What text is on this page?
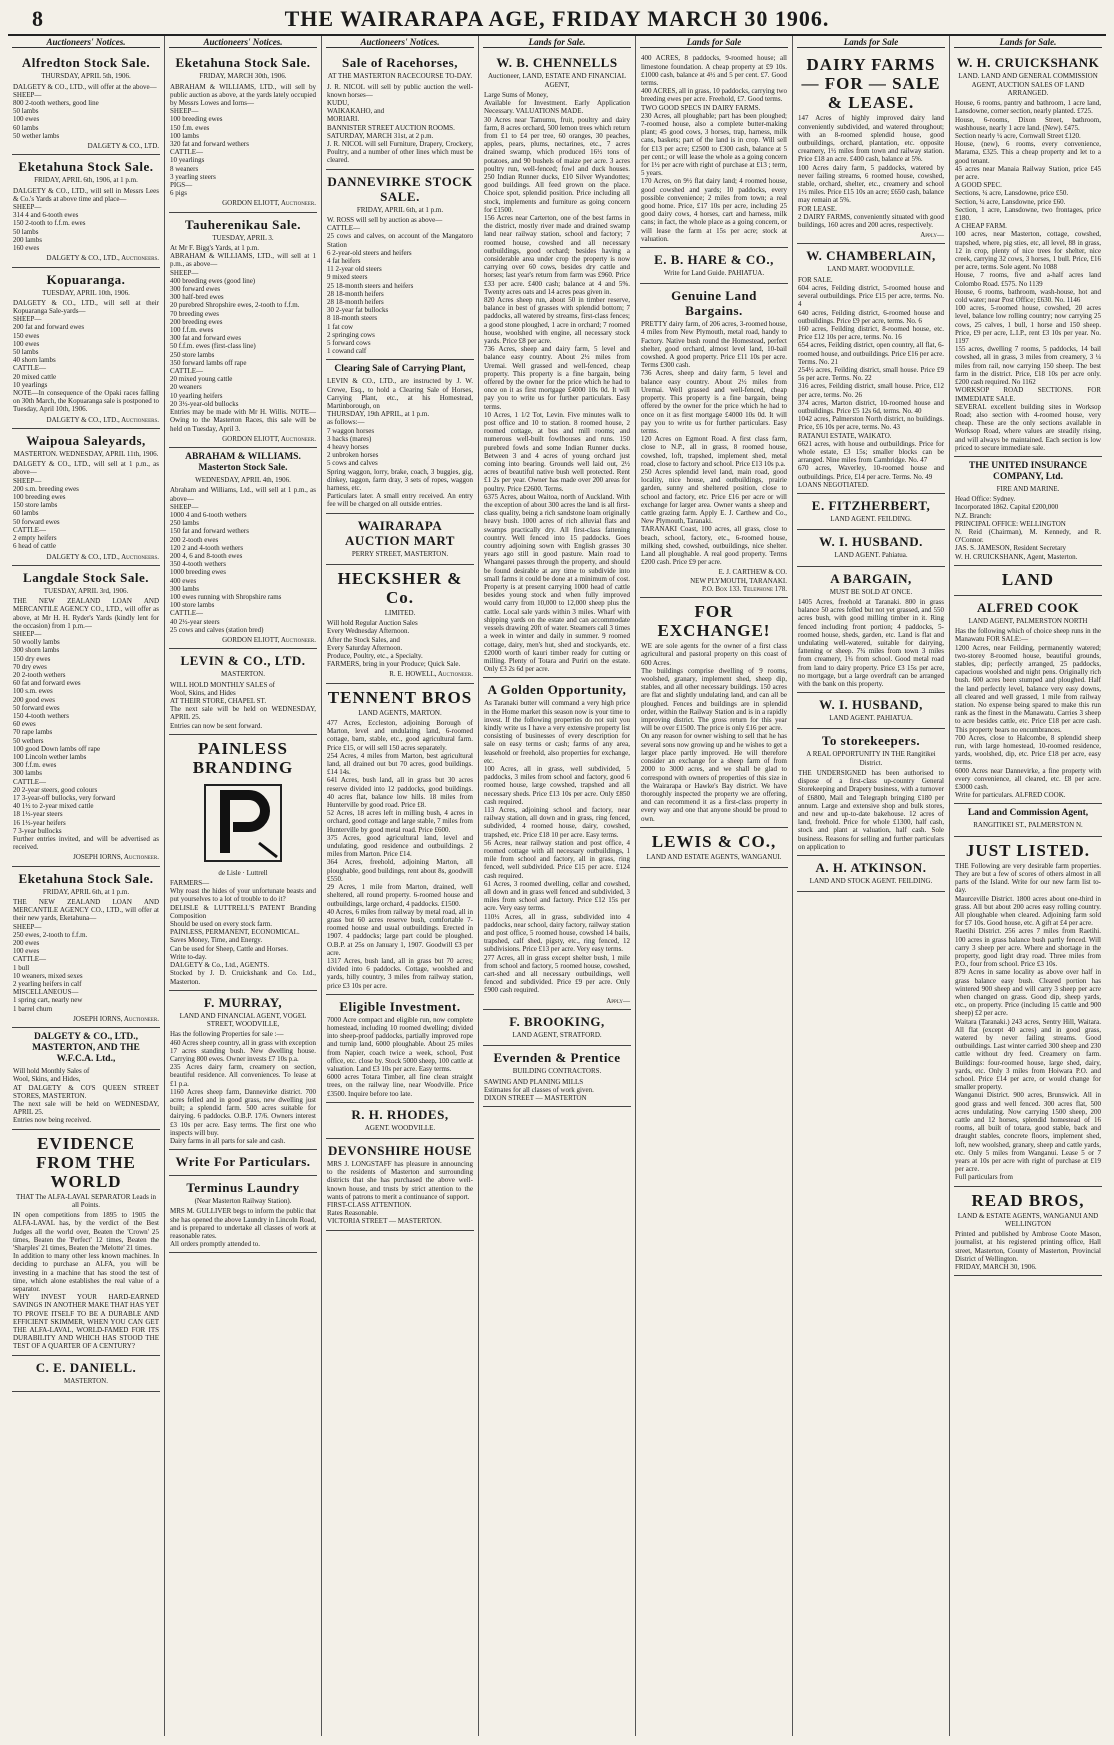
8	THE WAIRARAPA AGE, FRIDAY MARCH 30 1906.
Auctioneers' Notices.
Alfredton Stock Sale.
THURSDAY, APRIL 5th, 1906.
DALGETY & CO., LTD., will offer at the above—
SHEEP—
800 2-tooth wethers, good line
50 lambs
100 ewes
60 lambs
50 wether lambs
DALGETY & CO., LTD.
Eketahuna Stock Sale.
FRIDAY, APRIL 6th, 1906, at 1 p.m.
DALGETY & CO., LTD., will sell in Messrs Lees & Co.'s Yards at above time and place—
SHEEP—
314 4 and 6-tooth ewes
150 2-tooth to f.f.m. ewes
50 lambs
200 lambs
160 ewes
DALGETY & CO., LTD., Auctioneers.
Kopuaranga.
TUESDAY, APRIL 10th, 1906.
DALGETY & CO., LTD., will sell at their Kopuaranga Sale-yards—
SHEEP—
200 fat and forward ewes
150 ewes
100 ewes
50 lambs
40 shorn lambs
CATTLE—
20 mixed cattle
10 yearlings
NOTE—In consequence of the Opaki races falling on 30th March, the Kopuaranga sale is postponed to Tuesday, April 10th, 1906.
DALGETY & CO., LTD., Auctioneers.
Waipoua Saleyards,
MASTERTON. WEDNESDAY, APRIL 11th, 1906.
DALGETY & CO., LTD., will sell at 1 p.m., as above—
SHEEP—
200 s.m. breeding ewes
100 breeding ewes
150 store lambs
60 lambs
50 forward ewes
CATTLE—
2 empty heifers
6 head of cattle
DALGETY & CO., LTD., Auctioneers.
Langdale Stock Sale.
TUESDAY, APRIL 3rd, 1906.
THE NEW ZEALAND LOAN AND MERCANTILE AGENCY CO., LTD., will offer as above, at Mr H. H. Ryder's Yards (kindly lent for the occasion) from 1 p.m.—
SHEEP—
50 woolly lambs
300 shorn lambs
150 dry ewes
70 dry ewes
20 2-tooth wethers
60 fat and forward ewes
100 s.m. ewes
200 good ewes
50 forward ewes
150 4-tooth wethers
60 ewes
70 rape lambs
50 wethers
100 good Down lambs off rape
100 Lincoln wether lambs
300 f.f.m. ewes
300 lambs
CATTLE—
20 2-year steers, good colours
17 3-year-off bullocks, very forward
40 1½ to 2-year mixed cattle
18 1½-year steers
16 1½-year heifers
7 3-year bullocks
Further entries invited, and will be advertised as received.
JOSEPH IORNS, Auctioneer.
Eketahuna Stock Sale.
FRIDAY, APRIL 6th, at 1 p.m.
THE NEW ZEALAND LOAN AND MERCANTILE AGENCY CO., LTD., will offer at their new yards, Eketahuna—
SHEEP—
250 ewes, 2-tooth to f.f.m.
200 ewes
100 ewes
CATTLE—
1 bull
10 weaners, mixed sexes
2 yearling heifers in calf
MISCELLANEOUS—
1 spring cart, nearly new
1 barrel churn
JOSEPH IORNS, Auctioneer.
DALGETY & CO., LTD., MASTERTON, AND THE W.F.C.A. Ltd.,
Will hold Monthly Sales of
Wool, Skins, and Hides,
AT DALGETY & CO'S QUEEN STREET STORES, MASTERTON.
The next sale will be held on WEDNESDAY, APRIL 25.
Entries now being received.
EVIDENCE FROM THE WORLD
THAT The ALFA-LAVAL SEPARATOR Leads in all Points.
IN open competitions from 1895 to 1905 the ALFA-LAVAL has, by the verdict of the Best Judges all the world over, Beaten the 'Crown' 25 times, Beaten the 'Perfect' 12 times, Beaten the 'Sharples' 21 times, Beaten the 'Melotte' 21 times.
In addition to many other less known machines. In deciding to purchase an ALFA, you will be investing in a machine that has stood the test of time, which alone establishes the real value of a separator.
WHY INVEST YOUR HARD-EARNED SAVINGS IN ANOTHER MAKE THAT HAS YET TO PROVE ITSELF TO BE A DURABLE AND EFFICIENT SKIMMER, WHEN YOU CAN GET THE ALFA-LAVAL, WORLD-FAMED FOR ITS DURABILITY AND WHICH HAS STOOD THE TEST OF A QUARTER OF A CENTURY?
C. E. DANIELL.
MASTERTON.
Auctioneers' Notices.
Eketahuna Stock Sale.
FRIDAY, MARCH 30th, 1906.
ABRAHAM & WILLIAMS, LTD., will sell by public auction as above, at the yards lately occupied by Messrs Lowes and Iorns—
SHEEP—
100 breeding ewes
150 f.m. ewes
100 lambs
320 fat and forward wethers
CATTLE—
10 yearlings
8 weaners
3 yearling steers
PIGS—
6 pigs
GORDON ELIOTT, Auctioneer.
Tauherenikau Sale.
TUESDAY, APRIL 3.
At Mr F. Bigg's Yards, at 1 p.m.
ABRAHAM & WILLIAMS, LTD., will sell at 1 p.m., as above—
SHEEP—
400 breeding ewes (good line)
300 forward ewes
300 half-bred ewes
20 purebred Shropshire ewes, 2-tooth to f.f.m.
70 breeding ewes
200 breeding ewes
100 f.f.m. ewes
300 fat and forward ewes
50 f.f.m. ewes (first-class line)
250 store lambs
350 forward lambs off rape
CATTLE—
20 mixed young cattle
20 weaners
10 yearling heifers
20 3½-year-old bullocks
Entries may be made with Mr H. Willis. NOTE—Owing to the Masterton Races, this sale will be held on Tuesday, April 3.
GORDON ELIOTT, Auctioneer.
ABRAHAM & WILLIAMS. Masterton Stock Sale.
WEDNESDAY, APRIL 4th, 1906.
Abraham and Williams, Ltd., will sell at 1 p.m., as above—
SHEEP—
1000 4 and 6-tooth wethers
250 lambs
150 fat and forward wethers
200 2-tooth ewes
120 2 and 4-tooth wethers
200 4, 6 and 8-tooth ewes
350 4-tooth wethers
1000 breeding ewes
400 ewes
300 lambs
100 ewes running with Shropshire rams
100 store lambs
CATTLE—
40 2½-year steers
25 cows and calves (station bred)
GORDON ELIOTT, Auctioneer.
LEVIN & CO., LTD.
MASTERTON.
WILL HOLD MONTHLY SALES of
Wool, Skins, and Hides
AT THEIR STORE, CHAPEL ST.
The next sale will be held on WEDNESDAY, APRIL 25.
Entries can now be sent forward.
PAINLESS BRANDING
de Lisle · Luttrell
FARMERS—
Why roast the hides of your unfortunate beasts and put yourselves to a lot of trouble to do it?
DELISLE & LUTTRELL'S PATENT Branding Composition
Should be used on every stock farm.
PAINLESS, PERMANENT, ECONOMICAL.
Saves Money, Time, and Energy.
Can be used for Sheep, Cattle and Horses.
Write to-day.
DALGETY & Co., Ltd., AGENTS.
Stocked by J. D. Cruickshank and Co. Ltd., Masterton.
F. MURRAY,
LAND AND FINANCIAL AGENT, VOGEL STREET, WOODVILLE,
Has the following Properties for sale :—
460 Acres sheep country, all in grass with exception 17 acres standing bush. New dwelling house. Carrying 800 ewes. Owner invests £7 10s p.a.
235 Acres dairy farm, creamery on section, beautiful residence. All conveniences. To lease at £1 p.a.
1160 Acres sheep farm, Dannevirke district. 700 acres felled and in good grass, new dwelling just built; a splendid farm. 500 acres suitable for dairying. 6 paddocks. O.B.P. 17/6. Owners interest £3 10s per acre. Easy terms. The first one who inspects will buy.
Dairy farms in all parts for sale and cash.
Write For Particulars.
Terminus Laundry
(Near Masterton Railway Station).
MRS M. GULLIVER begs to inform the public that she has opened the above Laundry in Lincoln Road, and is prepared to undertake all classes of work at reasonable rates.
All orders promptly attended to.
Auctioneers' Notices.
Sale of Racehorses,
AT THE MASTERTON RACECOURSE TO-DAY.
J. R. NICOL will sell by public auction the well-known horses—
KUDU,
WAIKAKAHO, and
MORIARI.
BANNISTER STREET AUCTION ROOMS.
SATURDAY, MARCH 31st, at 2 p.m.
J. R. NICOL will sell Furniture, Drapery, Crockery, Poultry, and a number of other lines which must be cleared.
DANNEVIRKE STOCK SALE.
FRIDAY, APRIL 6th, at 1 p.m.
W. ROSS will sell by auction as above—
CATTLE—
25 cows and calves, on account of the Mangatoro Station
6 2-year-old steers and heifers
4 fat heifers
11 2-year old steers
9 mixed steers
25 18-month steers and heifers
28 18-month heifers
28 18-month heifers
30 2-year fat bullocks
8 18-month steers
1 fat cow
2 springing cows
5 forward cows
1 cowand calf
Clearing Sale of Carrying Plant,
LEVIN & CO., LTD., are instructed by J. W. Crewe, Esq., to hold a Clearing Sale of Horses, Carrying Plant, etc., at his Homestead, Martinborough, on
THURSDAY, 19th APRIL, at 1 p.m.
as follows:—
7 waggon horses
3 hacks (mares)
4 heavy horses
2 unbroken horses
5 cows and calves
Spring waggon, lorry, brake, coach, 3 buggies, gig, dinkey, taggon, farm dray, 3 sets of ropes, waggon harness, etc.
Particulars later. A small entry received. An entry fee will be charged on all outside entries.
WAIRARAPA AUCTION MART
PERRY STREET, MASTERTON.
HECKSHER & Co.
LIMITED.
Will hold Regular Auction Sales
Every Wednesday Afternoon.
After the Stock Sales, and
Every Saturday Afternoon.
Produce, Poultry, etc., a Specialty.
FARMERS, bring in your Produce; Quick Sale.
R. E. HOWELL, Auctioneer.
TENNENT BROS
LAND AGENTS, MARTON.
477 Acres, Eccleston, adjoining Borough of Marton, level and undulating land, 6-roomed cottage, barn, stable, etc., good agricultural farm. Price £15, or will sell 150 acres separately.
254 Acres, 4 miles from Marton, best agricultural land, all drained out but 70 acres, good buildings. £14 14s.
641 Acres, bush land, all in grass but 30 acres reserve divided into 12 paddocks, good buildings. 40 acres flat, balance low hills. 18 miles from Hunterville by good road. Price £8.
52 Acres, 18 acres left in milling bush, 4 acres in orchard, good cottage and large stable, 7 miles from Hunterville by good metal road. Price £600.
375 Acres, good agricultural land, level and undulating, good residence and outbuildings. 2 miles from Marton. Price £14.
364 Acres, freehold, adjoining Marton, all ploughable, good buildings, rent about 8s, goodwill £550.
29 Acres, 1 mile from Marton, drained, well sheltered, all round property. 6-roomed house and outbuildings, large orchard, 4 paddocks. £1500.
40 Acres, 6 miles from railway by metal road, all in grass but 60 acres reserve bush, comfortable 7-roomed house and usual outbuildings. Erected in 1907. 4 paddocks; large part could be ploughed. O.B.P. at 25s on January 1, 1907. Goodwill £3 per acre.
1317 Acres, bush land, all in grass but 70 acres; divided into 6 paddocks. Cottage, woolshed and yards, hilly country, 3 miles from railway station, price £3 10s per acre.
Eligible Investment.
7000 Acre compact and eligible run, now complete homestead, including 10 roomed dwelling; divided into sheep-proof paddocks, partially improved rope and turnip land, 6000 ploughable. About 25 miles from Napier, coach twice a week, school, Post office, etc. close by. Stock 5000 sheep, 100 cattle at valuation. Land £3 10s per acre. Easy terms.
6000 acres Totara Timber, all fine clean straight trees, on the railway line, near Woodville. Price £3500. Inquire before too late.
R. H. RHODES,
AGENT. WOODVILLE.
DEVONSHIRE HOUSE
MRS J. LONGSTAFF has pleasure in announcing to the residents of Masterton and surrounding districts that she has purchased the above well-known house, and trusts by strict attention to the wants of patrons to merit a continuance of support.
FIRST-CLASS ATTENTION.
Rates Reasonable.
VICTORIA STREET — MASTERTON.
Lands for Sale.
W. B. CHENNELLS
Auctioneer, LAND, ESTATE AND FINANCIAL AGENT,
Large Sums of Money,
Available for Investment. Early Application Necessary. VALUATIONS MADE.
30 Acres near Tamumu, fruit, poultry and dairy farm, 8 acres orchard, 500 lemon trees which return from £1 to £4 per tree, 60 oranges, 30 peaches, apples, pears, plums, nectarines, etc., 7 acres drained swamp, which produced 16½ tons of potatoes, and 90 bushels of maize per acre. 3 acres poultry run, well-fenced; fowl and duck houses. 250 Indian Runner ducks, £10 Silver Wyandottes; good buildings. All feed grown on the place. Choice spot, splendid position. Price including all stock, implements and furniture as going concern for £1500.
156 Acres near Carterton, one of the best farms in the district, mostly river made and drained swamp land near railway station, school and factory; 7 roomed house, cowshed and all necessary outbuildings, good orchard; besides having a considerable area under crop the property is now carrying over 60 cows, besides dry cattle and horses; last year's return from farm was £960. Price £33 per acre. £400 cash; balance at 4 and 5%. Twenty acres oats and 14 acres peas given in.
820 Acres sheep run, about 50 in timber reserve, balance in best of grasses with splendid bottom; 7 paddocks, all watered by streams, first-class fences; a good stone ploughed, 1 acre in orchard; 7 roomed house, woolshed with engine, all necessary stock yards. Price £8 per acre.
736 Acres, sheep and dairy farm, 5 level and balance easy country. About 2½ miles from Uremai. Well grassed and well-fenced, cheap property. This property is a fine bargain, being offered by the owner for the price which he had to once on it as first mortgage £4000 10s 0d. It will pay you to write us for further particulars. Easy terms.
10 Acres, 1 1/2 Tot, Levin. Five minutes walk to post office and 10 to station. 8 roomed house, 2 roomed cottage, at bus and mill rooms; and numerous well-built fowlhouses and runs. 150 purebred fowls and some Indian Runner ducks. Between 3 and 4 acres of young orchard just coming into bearing. Grounds well laid out, 2½ acres of beautiful native bush well protected. Rent £1 2s per year. Owner has made over 200 areas for poultry. Price £2600. Terms.
6375 Acres, about Waitoa, north of Auckland. With the exception of about 300 acres the land is all first-class quality, being a rich sandstone loam originally heavy bush. 1000 acres of rich alluvial flats and swamps practically dry. All first-class fattening country. Well fenced into 15 paddocks. Goes country adjoining sown with English grasses 30 years ago still in good pasture. Main road to Whangarei passes through the property, and should be found desirable at any time to subdivide into small farms it could be done at a minimum of cost. Property is at present carrying 1000 head of cattle besides young stock and when fully improved would carry from 10,000 to 12,000 sheep plus the cattle. Local sale yards within 3 miles. Wharf with shipping yards on the estate and can accommodate vessels drawing 20ft of water. Steamers call 3 times a week in winter and daily in summer. 9 roomed cottage, dairy, men's hut, shed and stockyards, etc. £2000 worth of kauri timber ready for cutting or milling. Plenty of Totara and Puriri on the estate. Only £3 2s 6d per acre.
A Golden Opportunity,
As Taranaki butter will command a very high price in the Home market this season now is your time to invest. If the following properties do not suit you kindly write us I have a very extensive property list consisting of businesses of every description for sale on easy terms or cash; farms of any area, leasehold or freehold, also properties for exchange, etc.
100 Acres, all in grass, well subdivided, 5 paddocks, 3 miles from school and factory, good 6 roomed house, large cowshed, trapshed and all necessary sheds. Price £13 10s per acre. Only £850 cash required.
113 Acres, adjoining school and factory, near railway station, all down and in grass, ring fenced, subdivided, 4 roomed house, dairy, cowshed, trapshed, etc. Price £18 10 per acre. Easy terms.
56 Acres, near railway station and post office, 4 roomed cottage with all necessary outbuildings, 1 mile from school and factory, all in grass, ring fenced, well subdivided. Price £15 per acre. £124 cash required.
61 Acres, 3 roomed dwelling, cellar and cowshed, all down and in grass well fenced and subdivided, 3 miles from school and factory. Price £12 15s per acre. Very easy terms.
110½ Acres, all in grass, subdivided into 4 paddocks, near school, dairy factory, railway station and post office, 5 roomed house, cowshed 14 bails, trapshed, calf shed, pigsty, etc., ring fenced, 12 subdivisions. Price £13 per acre. Very easy terms.
277 Acres, all in grass except shelter bush, 1 mile from school and factory, 5 roomed house, cowshed, cart-shed and all necessary outbuildings, well fenced and subdivided. Price £9 per acre. Only £900 cash required.
Apply—
F. BROOKING,
LAND AGENT, STRATFORD.
Evernden & Prentice
BUILDING CONTRACTORS.
SAWING AND PLANING MILLS
Estimates for all classes of work given.
DIXON STREET — MASTERTON
Lands for Sale
400 ACRES, 8 paddocks, 9-roomed house; all limestone foundation. A cheap property at £9 10s. £1000 cash, balance at 4½ and 5 per cent. £7. Good terms.
400 ACRES, all in grass, 10 paddocks, carrying two breeding ewes per acre. Freehold, £7. Good terms.
TWO GOOD SPECS IN DAIRY FARMS.
230 Acres, all ploughable; part has been ploughed; 7-roomed house, also a complete butter-making plant; 45 good cows, 3 horses, trap, harness, milk cans, baskets; part of the land is in crop. Will sell for £13 per acre; £2500 to £300 cash, balance at 5 per cent.; or will lease the whole as a going concern for 1½ per acre with right of purchase at £13 ; term, 5 years.
170 Acres, on 9½ flat dairy land; 4 roomed house, good cowshed and yards; 10 paddocks, every possible convenience; 2 miles from town; a real good home. Price, £17 10s per acre, including 25 good dairy cows, 4 horses, cart and harness, milk cans; in fact, the whole place as a going concern, or will lease the farm at 15s per acre; stock at valuation.
E. B. HARE & CO.,
Write for Land Guide. PAHIATUA.
Genuine Land Bargains.
PRETTY dairy farm, of 206 acres, 3-roomed house, 4 miles from New Plymouth, metal road, handy to Factory. Native bush round the Homestead, perfect shelter, good orchard, almost level land, 10-bail cowshed. A good property. Price £11 10s per acre. Terms £300 cash.
736 Acres, sheep and dairy farm, 5 level and balance easy country. About 2½ miles from Uremai. Well grassed and well-fenced, cheap property. This property is a fine bargain, being offered by the owner for the price which he had to once on it as first mortgage £4000 10s 0d. It will pay you to write us for further particulars. Easy terms.
120 Acres on Egmont Road. A first class farm, close to N.P., all in grass, 8 roomed house, cowshed, loft, trapshed, implement shed, metal road, close to factory and school. Price £13 10s p.a.
250 Acres splendid level land, main road, good locality, nice house, and outbuildings, prairie garden, sunny and sheltered position, close to school and factory, etc. Price £16 per acre or will exchange for larger area. Owner wants a sheep and cattle grazing farm. Apply E. J. Carthew and Co., New Plymouth, Taranaki.
TARANAKI Coast, 100 acres, all grass, close to beach, school, factory, etc., 6-roomed house, milking shed, cowshed, outbuildings, nice shelter. Land all ploughable. A real good property. Terms £200 cash. Price £9 per acre.
E. J. CARTHEW & CO.
NEW PLYMOUTH, TARANAKI.
P.O. Box 133. Telephone 178.
FOR EXCHANGE!
WE are sole agents for the owner of a first class agricultural and pastoral property on this coast of 600 Acres.
The buildings comprise dwelling of 9 rooms, woolshed, granary, implement shed, sheep dip, stables, and all other necessary buildings. 150 acres are flat and slightly undulating land, and can all be ploughed. Fences and buildings are in splendid order, within the Railway Station and is in a rapidly improving district. The gross return for this year will be over £1500. The price is only £16 per acre.
On any reason for owner wishing to sell that he has several sons now growing up and he wishes to get a larger place partly improved. He will therefore consider an exchange for a sheep farm of from 2000 to 3000 acres, and we shall be glad to correspond with owners of properties of this size in the Wairarapa or Hawke's Bay district. We have thoroughly inspected the property we are offering, and can recommend it as a first-class property in every way and one that anyone should be proud to own.
LEWIS & CO.,
LAND AND ESTATE AGENTS, WANGANUI.
Lands for Sale
DAIRY FARMS — FOR — SALE & LEASE.
147 Acres of highly improved dairy land conveniently subdivided, and watered throughout; with an 8-roomed splendid house, good outbuildings, orchard, plantation, etc. opposite creamery, 1½ miles from town and railway station. Price £18 an acre. £400 cash, balance at 5%.
100 Acres dairy farm, 5 paddocks, watered by never failing streams, 6 roomed house, cowshed, stable, orchard, shelter, etc., creamery and school 1½ miles. Price £15 10s an acre; £650 cash, balance may remain at 5%.
FOR LEASE.
2 DAIRY FARMS, conveniently situated with good buildings, 160 acres and 200 acres, respectively.
Apply—
W. CHAMBERLAIN,
LAND MART. WOODVILLE.
FOR SALE.
604 acres, Feilding district, 5-roomed house and several outbuildings. Price £15 per acre, terms. No. 4
640 acres, Feilding district, 6-roomed house and outbuildings. Price £9 per acre, terms. No. 6
160 acres, Feilding district, 8-roomed house, etc. Price £12 10s per acre, terms. No. 16
654 acres, Feilding district, open country, all flat, 6-roomed house, and outbuildings. Price £16 per acre. Terms. No. 21
254½ acres, Feilding district, small house. Price £9 5s per acre. Terms. No. 22
316 acres, Feilding district, small house. Price, £12 per acre, terms. No. 26
374 acres, Marton district, 10-roomed house and outbuildings. Price £5 12s 6d, terms. No. 40
1042 acres, Palmerston North district, no buildings. Price, £6 10s per acre, terms. No. 43
RATANUI ESTATE, WAIKATO.
6621 acres, with house and outbuildings. Price for whole estate, £3 15s; smaller blocks can be arranged. Nine miles from Cambridge. No. 47
670 acres, Waverley, 10-roomed house and outbuildings. Price, £14 per acre. Terms. No. 49
LOANS NEGOTIATED.
E. FITZHERBERT,
LAND AGENT. FEILDING.
W. I. HUSBAND.
LAND AGENT. Pahiatua.
A BARGAIN,
MUST BE SOLD AT ONCE.
1405 Acres, freehold at Taranaki. 800 in grass balance 50 acres felled but not yet grassed, and 550 acres bush, with good milling timber in it. Ring fenced including front portion; 4 paddocks, 5-roomed house, sheds, garden, etc. Land is flat and undulating well-watered, suitable for dairying, fattening or sheep. 7¾ miles from town 3 miles from creamery, 1¾ from school. Good metal road from land to dairy property. Price £3 15s per acre, no mortgage, but a large overdraft can be arranged with the bank on this property.
W. I. HUSBAND,
LAND AGENT. PAHIATUA.
To storekeepers.
A REAL OPPORTUNITY IN THE Rangitikei District.
THE UNDERSIGNED has been authorised to dispose of a first-class up-country General Storekeeping and Drapery business, with a turnover of £6800, Mail and Telegraph bringing £180 per annum. Large and extensive shop and bulk stores, and new and up-to-date bakehouse. 12 acres of land, freehold. Price for whole £1300, half cash, stock and plant at valuation, half cash. Sole business. Reasons for selling and further particulars on application to
A. H. ATKINSON.
LAND AND STOCK AGENT. FEILDING.
Lands for Sale.
W. H. CRUICKSHANK
LAND. LAND AND GENERAL COMMISSION AGENT, AUCTION SALES OF LAND ARRANGED.
House, 6 rooms, pantry and bathroom, 1 acre land, Lansdowne, corner section, nearly planted. £725.
House, 6-rooms, Dixon Street, bathroom, washhouse, nearly 1 acre land. (New). £475.
Section nearly ¼ acre, Cornwall Street £120.
House, (new), 6 rooms, every convenience, Marama, £325. This a cheap property and let to a good tenant.
45 acres near Manaia Railway Station, price £45 per acre.
A GOOD SPEC.
Sections, ¼ acre, Lansdowne, price £50.
Section, ¼ acre, Lansdowne, price £60.
Section, 1 acre, Lansdowne, two frontages, price £180.
A CHEAP FARM.
100 acres, near Masterton, cottage, cowshed, trapshed, where, pig sties, etc, all level, 88 in grass, 12 in crop, plenty of nice trees for shelter, nice creek, carrying 32 cows, 3 horses, 1 bull. Price, £16 per acre, terms. Sole agent. No 1088
House, 7 rooms, five and a-half acres land Colombo Road. £575. No 1139
House, 6 rooms, bathroom, wash-house, hot and cold water; near Post Office; £630. No. 1146
100 acres, 5-roomed house, cowshed, 20 acres level, balance low rolling country; now carrying 25 cows, 25 calves, 1 bull, 1 horse and 150 sheep. Price, £9 per acre, L.I.P., rent £3 10s per year. No. 1197
155 acres, dwelling 7 rooms, 5 paddocks, 14 bail cowshed, all in grass, 3 miles from creamery, 3 ¼ miles from rail, now carrying 150 sheep. The best farm in the district. Price, £18 10s per acre only. £200 cash required. No 1162
WORKSOP ROAD SECTIONS. FOR IMMEDIATE SALE.
SEVERAL excellent building sites in Worksop Road; also section with 4-roomed house, very cheap. These are the only sections available in Worksop Road, where values are steadily rising, and will always be maintained. Each section is low priced to secure immediate sale.
THE UNITED INSURANCE COMPANY, Ltd.
FIRE AND MARINE.
Head Office: Sydney.
Incorporated 1862. Capital £200,000
N.Z. Branch:
PRINCIPAL OFFICE: WELLINGTON
N. Reid (Chairman), M. Kennedy, and R. O'Connor.
JAS. S. JAMESON, Resident Secretary
W. H. CRUICKSHANK, Agent, Masterton.
LAND
ALFRED COOK
LAND AGENT, PALMERSTON NORTH
Has the following which of choice sheep runs in the Manawatu FOR SALE:—
1200 Acres, near Feilding, permanently watered; two-storey 8-roomed house, beautiful grounds, stables, dip; perfectly arranged, 25 paddocks, capacious woolshed and night pens. Originally rich bush. 600 acres been stumped and ploughed. Half the land perfectly level, balance very easy downs, all cleared and well grassed, 1 mile from railway station. No expense being spared to make this run rank as the finest in the Manawatu. Carries 3 sheep to acre besides cattle, etc. Price £18 per acre cash. This property bears no encumbrances.
700 Acres, close to Halcombe, 8 splendid sheep run, with large homestead, 10-roomed residence, yards, woolshed, dip, etc. Price £18 per acre, easy terms.
6000 Acres near Dannevirke, a fine property with every convenience, all cleared, etc. £8 per acre. £3000 cash.
Write for particulars. ALFRED COOK.
Land and Commission Agent,
RANGITIKEI ST., PALMERSTON N.
JUST LISTED.
THE Following are very desirable farm properties. They are but a few of scores of others almost in all parts of the Island. Write for our new farm list to-day.
Maurceville District. 1800 acres about one-third in grass. All but about 200 acres easy rolling country. All ploughable when cleared. Adjoining farm sold for £7 10s. Good house, etc. A gift at £4 per acre.
Raetihi District. 256 acres 7 miles from Raetihi. 100 acres in grass balance bush partly fenced. Will carry 3 sheep per acre. Where and shortage in the property, good light dray road. Three miles from P.O., four from school. Price £3 10s.
879 Acres in same locality as above over half in grass balance easy bush. Cleared portion has wintered 900 sheep and will carry 3 sheep per acre when changed on grass. Good dip, sheep yards, etc., on property. Price (including 15 cattle and 900 sheep) £2 per acre.
Waitara (Taranaki.) 243 acres, Sentry Hill, Waitara. All flat (except 40 acres) and in good grass, watered by never failing streams. Good outbuildings. Last winter carried 300 sheep and 230 cattle without dry feed. Creamery on farm. Buildings: four-roomed house, large shed, dairy, yards, etc. Only 3 miles from Hoiwara P.O. and school. Price £14 per acre, or would change for smaller property.
Wanganui District. 900 acres, Brunswick. All in good grass and well fenced. 300 acres flat, 500 acres undulating. Now carrying 1500 sheep, 200 cattle and 12 horses, splendid homestead of 16 rooms, all built of totara, good stable, back and draught stables, concrete floors, implement shed, loft, new woolshed, granary, sheep and cattle yards, etc. Only 5 miles from Wanganui. Lease 5 or 7 years at 10s per acre with right of purchase at £19 per acre.
Full particulars from
READ BROS,
LAND & ESTATE AGENTS, WANGANUI AND WELLINGTON
Printed and published by Ambrose Coote Mason, journalist, at his registered printing office, Hall street, Masterton, County of Masterton, Provincial District of Wellington.
FRIDAY, MARCH 30, 1906.
